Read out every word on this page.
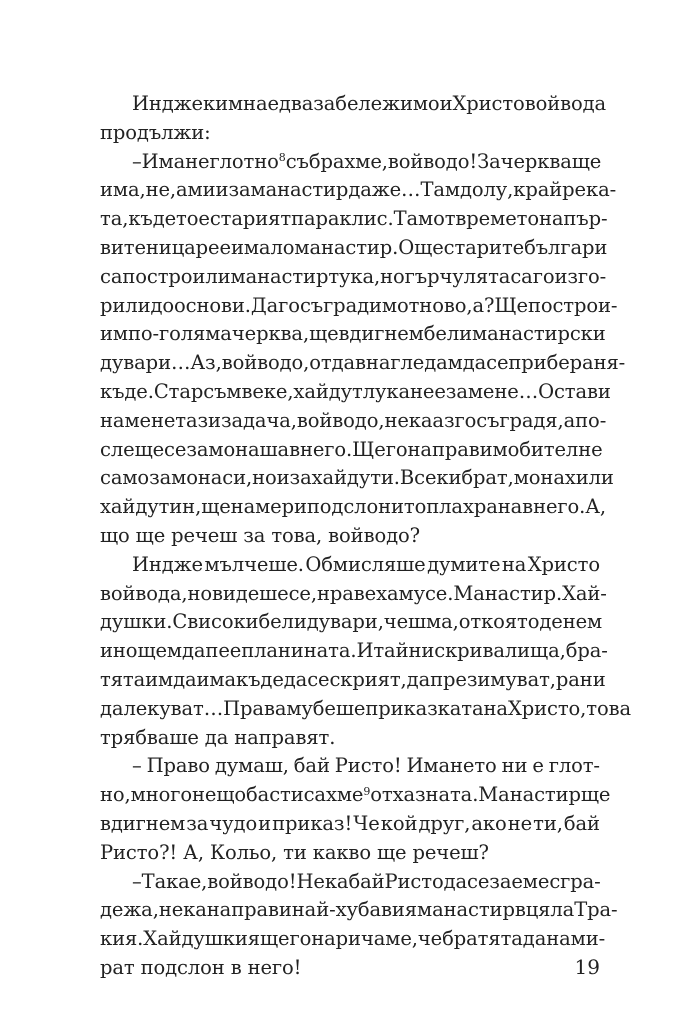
Индже кимна едва забележимо и Христо войвода
продължи:
– Имане глотно$^8$ събрахме, войводо! За черква ще
има, не, ами и за манастир даже… Там долу, край река-
та, където е старият параклис. Там от времето на пър-
вите ни царе е имало манастир. Още старите българи
са построили манастир тука, но гърчулята са го изго-
рили до основи. Да го съградим отново, а? Ще построи-
им по-голяма черква, ще вдигнем бели манастирски
дувари… Аз, войводо, отдавна гледам да се прибера ня-
къде. Стар съм веке, хайдутлука не е за мене… Остави
на мене тази задача, войводо, нека аз го съградя, а по-
сле ще се замонаша в него. Ще го направим обител не
само за монаси, но и за хайдути. Всеки брат, монах или
хайдутин, ще намери подслон и топла храна в него. А,
що ще речеш за това, войводо?
Индже мълчеше. Обмисляше думите на Христо
войвода, но видеше се, нравеха му се. Манастир. Хай-
душки. С високи бели дувари, чешма, от която денем
и нощем да пее планината. И тайни скривалища, бра-
тята им да има къде да се скрият, да презимуват, рани
да лекуват… Права му беше приказката на Христо, това
трябваше да направят.
– Право думаш, бай Ристо! Имането ни е глот-
но, много нещо бастисахме$^9$ от хазната. Манастир ще
вдигнем за чудо и приказ! Че кой друг, ако не ти, бай
Ристо?! А, Кольо, ти какво ще речеш?
– Така е, войводо! Нека бай Ристо да се заеме с гра-
дежа, нека направи най-хубавия манастир в цяла Тра-
кия. Хайдушкия ще го наричаме, че братята да нами-
рат подслон в него!	19
